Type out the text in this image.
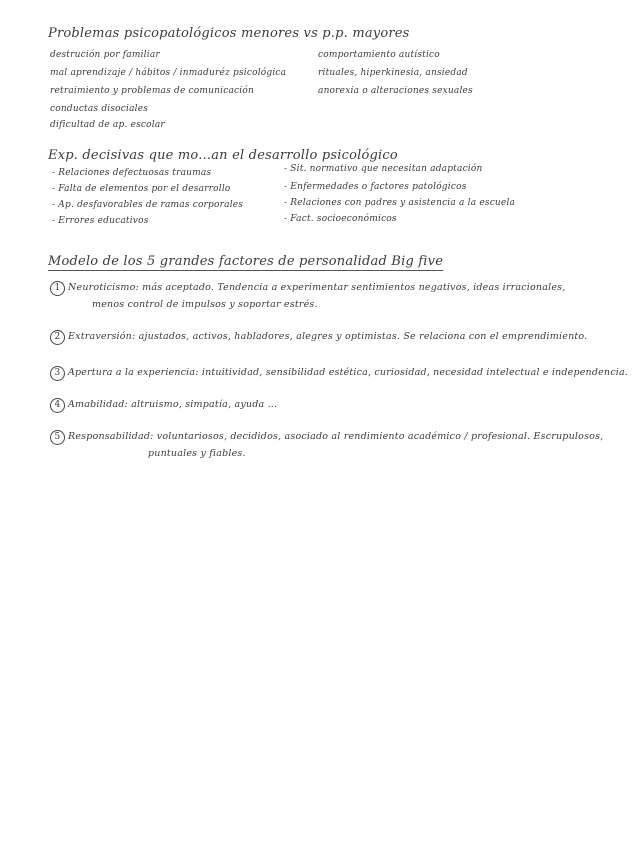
Problemas psicopatológicos menores vs p.p. mayores
destrución por familiar
mal aprendizaje / hábitos / inmaduréz psicológica
retraimiento y problemas de comunicación
conductas disociales
dificultad de ap. escolar
comportamiento autístico
rituales, hiperkinesia, ansiedad
anorexia o alteraciones sexuales
Exp. decisivas que mo...an el desarrollo psicológico
- Relaciones defectuosas traumas
- Falta de elementos por el desarrollo
- Ap. desfavorables de ramas corporales
- Errores educativos
- Sit. normativo que necesitan adaptación
- Enfermedades o factores patológicos
- Relaciones con padres y asistencia a la escuela
- Fact. socioeconómicos
Modelo de los 5 grandes factores de personalidad Big five
1 Neuroticismo: más aceptado. Tendencia a experimentar sentimientos negativos, ideas irracionales,
menos control de impulsos y soportar estrés.
2 Extraversión: ajustados, activos, habladores, alegres y optimistas. Se relaciona con el emprendimiento.
3 Apertura a la experiencia: intuitividad, sensibilidad estética, curiosidad, necesidad intelectual e independencia.
4 Amabilidad: altruismo, simpatía, ayuda ...
5 Responsabilidad: voluntariosos, decididos, asociado al rendimiento académico / profesional. Escrupulosos,
puntuales y fiables.
